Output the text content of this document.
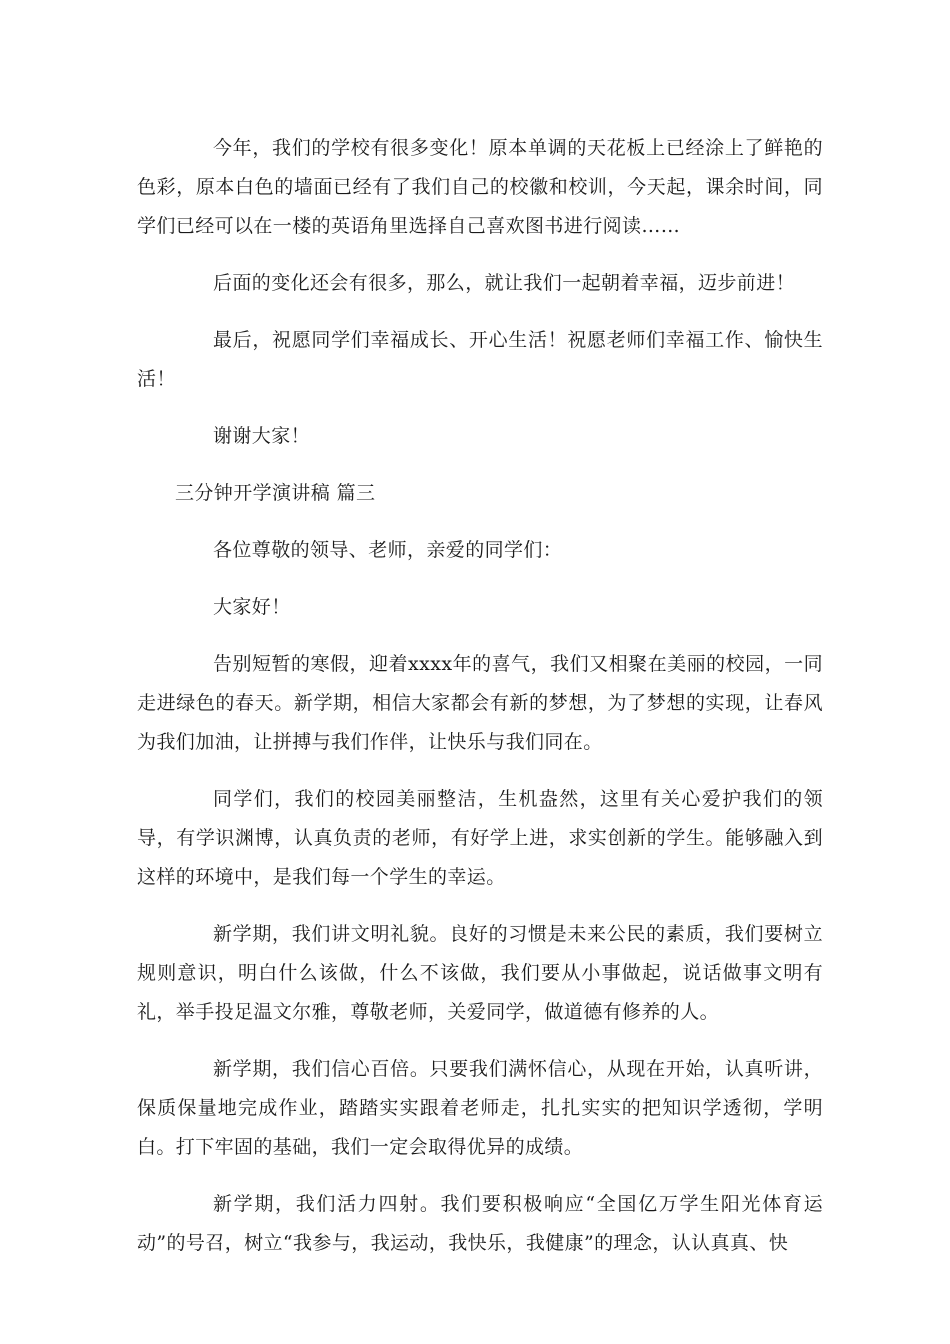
今年，我们的学校有很多变化！原本单调的天花板上已经涂上了鲜艳的色彩，原本白色的墙面已经有了我们自己的校徽和校训，今天起，课余时间，同学们已经可以在一楼的英语角里选择自己喜欢图书进行阅读……

后面的变化还会有很多，那么，就让我们一起朝着幸福，迈步前进！

最后，祝愿同学们幸福成长、开心生活！祝愿老师们幸福工作、愉快生活！

谢谢大家！

三分钟开学演讲稿 篇三

各位尊敬的领导、老师，亲爱的同学们：

大家好！

告别短暂的寒假，迎着xxxx年的喜气，我们又相聚在美丽的校园，一同走进绿色的春天。新学期，相信大家都会有新的梦想，为了梦想的实现，让春风为我们加油，让拼搏与我们作伴，让快乐与我们同在。

同学们，我们的校园美丽整洁，生机盎然，这里有关心爱护我们的领导，有学识渊博，认真负责的老师，有好学上进，求实创新的学生。能够融入到这样的环境中，是我们每一个学生的幸运。

新学期，我们讲文明礼貌。良好的习惯是未来公民的素质，我们要树立规则意识，明白什么该做，什么不该做，我们要从小事做起，说话做事文明有礼，举手投足温文尔雅，尊敬老师，关爱同学，做道德有修养的人。

新学期，我们信心百倍。只要我们满怀信心，从现在开始，认真听讲，保质保量地完成作业，踏踏实实跟着老师走，扎扎实实的把知识学透彻，学明白。打下牢固的基础，我们一定会取得优异的成绩。

新学期，我们活力四射。我们要积极响应“全国亿万学生阳光体育运动”的号召，树立“我参与，我运动，我快乐，我健康”的理念，认认真真、快
